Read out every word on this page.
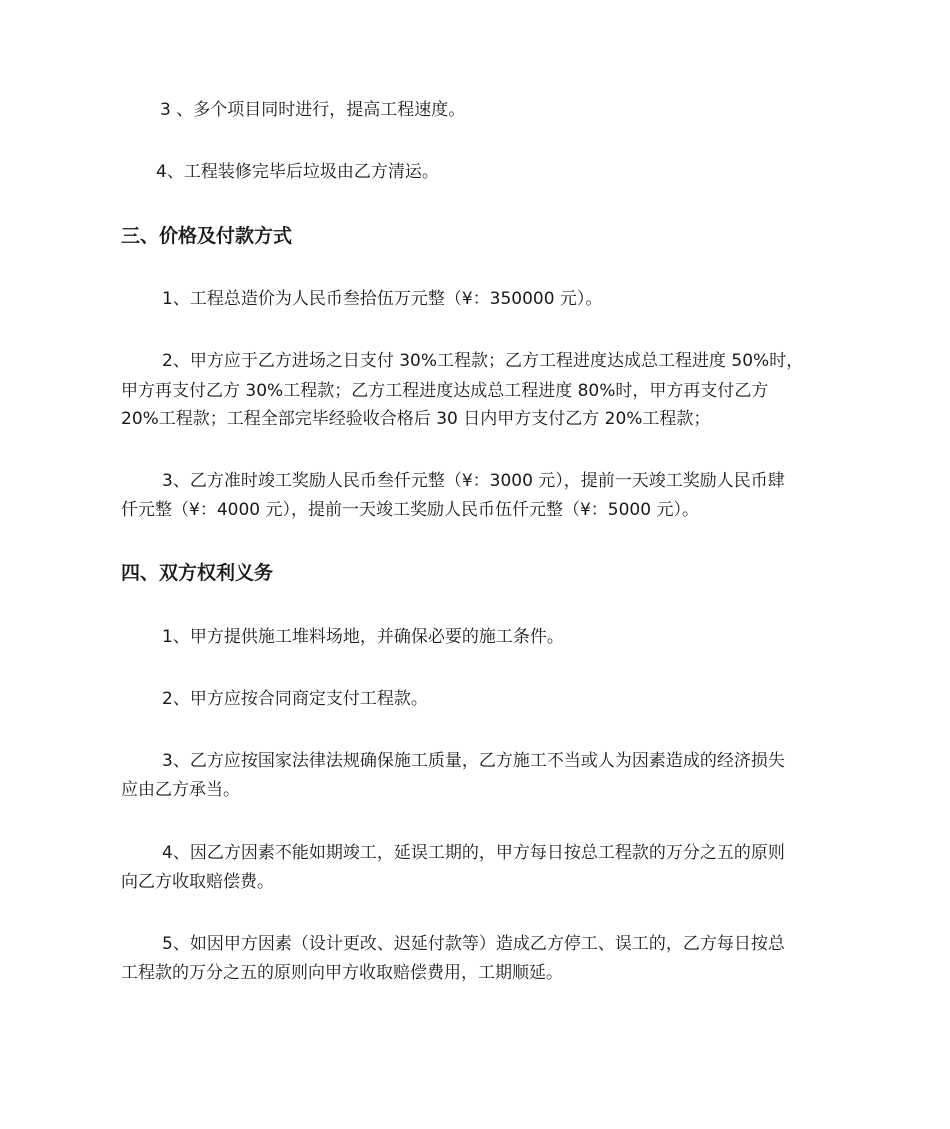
3 、多个项目同时进行，提高工程速度。

4、工程装修完毕后垃圾由乙方清运。

三、价格及付款方式

1、工程总造价为人民币叁拾伍万元整（¥：350000 元）。

2、甲方应于乙方进场之日支付 30%工程款；乙方工程进度达成总工程进度 50%时，

甲方再支付乙方 30%工程款；乙方工程进度达成总工程进度 80%时，甲方再支付乙方

20%工程款；工程全部完毕经验收合格后 30 日内甲方支付乙方 20%工程款；

3、乙方准时竣工奖励人民币叁仟元整（¥：3000 元），提前一天竣工奖励人民币肆

仟元整（¥：4000 元），提前一天竣工奖励人民币伍仟元整（¥：5000 元）。

四、双方权利义务

1、甲方提供施工堆料场地，并确保必要的施工条件。

2、甲方应按合同商定支付工程款。

3、乙方应按国家法律法规确保施工质量，乙方施工不当或人为因素造成的经济损失

应由乙方承当。

4、因乙方因素不能如期竣工，延误工期的，甲方每日按总工程款的万分之五的原则

向乙方收取赔偿费。

5、如因甲方因素（设计更改、迟延付款等）造成乙方停工、误工的，乙方每日按总

工程款的万分之五的原则向甲方收取赔偿费用，工期顺延。
